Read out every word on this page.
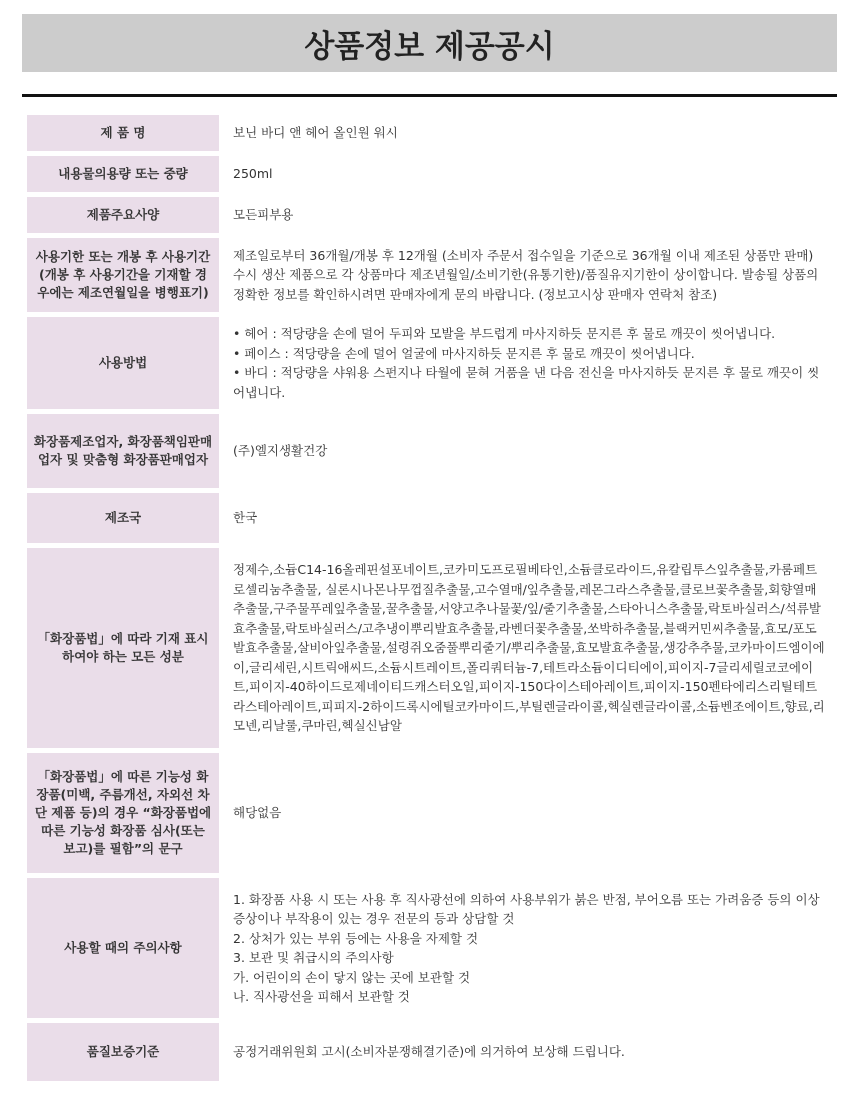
상품정보 제공공시
제 품 명		보닌 바디 앤 헤어 올인원 워시

내용물의용량 또는 중량		250ml

제품주요사양		모든피부용

사용기한 또는 개봉 후 사용기간 (개봉 후 사용기간을 기재할 경우에는 제조연월일을 병행표기)		제조일로부터 36개월/개봉 후 12개월 (소비자 주문서 접수일을 기준으로 36개월 이내 제조된 상품만 판매) 수시 생산 제품으로 각 상품마다 제조년월일/소비기한(유통기한)/품질유지기한이 상이합니다. 발송될 상품의 정확한 정보를 확인하시려면 판매자에게 문의 바랍니다. (정보고시상 판매자 연락처 참조)

사용방법		• 헤어 : 적당량을 손에 덜어 두피와 모발을 부드럽게 마사지하듯 문지른 후 물로 깨끗이 씻어냅니다.
• 페이스 : 적당량을 손에 덜어 얼굴에 마사지하듯 문지른 후 물로 깨끗이 씻어냅니다.
• 바디 : 적당량을 샤워용 스펀지나 타월에 묻혀 거품을 낸 다음 전신을 마사지하듯 문지른 후 물로 깨끗이 씻어냅니다.

화장품제조업자, 화장품책임판매업자 및 맞춤형 화장품판매업자		(주)엘지생활건강

제조국		한국

「화장품법」에 따라 기재 표시하여야 하는 모든 성분		정제수,소듐C14-16올레핀설포네이트,코카미도프로필베타인,소듐클로라이드,유칼립투스잎추출물,카룸페트로셀리눔추출물, 실론시나몬나무껍질추출물,고수열매/잎추출물,레몬그라스추출물,클로브꽃추출물,회향열매추출물,구주물푸레잎추출물,꿀추출물,서양고추나물꽃/잎/줄기추출물,스타아니스추출물,락토바실러스/석류발효추출물,락토바실러스/고추냉이뿌리발효추출물,라벤더꽃추출물,쏘박하추출물,블랙커민씨추출물,효모/포도발효추출물,살비아잎추출물,설령쥐오줌풀뿌리줄기/뿌리추출물,효모발효추출물,생강추추물,코카마이드엠이에이,글리세린,시트릭애씨드,소듐시트레이트,폴리쿼터늄-7,테트라소듐이디티에이,피이지-7글리세릴코코에이트,피이지-40하이드로제네이티드캐스터오일,피이지-150다이스테아레이트,피이지-150펜타에리스리틸테트라스테아레이트,피피지-2하이드록시에틸코카마이드,부틸렌글라이콜,헥실렌글라이콜,소듐벤조에이트,향료,리모넨,리날룰,쿠마린,헥실신남알

「화장품법」에 따른 기능성 화장품(미백, 주름개선, 자외선 차단 제품 등)의 경우 “화장품법에 따른 기능성 화장품 심사(또는 보고)를 필함”의 문구		해당없음

사용할 때의 주의사항		1. 화장품 사용 시 또는 사용 후 직사광선에 의하여 사용부위가 붉은 반점, 부어오름 또는 가려움증 등의 이상 증상이나 부작용이 있는 경우 전문의 등과 상담할 것
2. 상처가 있는 부위 등에는 사용을 자제할 것
3. 보관 및 취급시의 주의사항
가. 어린이의 손이 닿지 않는 곳에 보관할 것
나. 직사광선을 피해서 보관할 것

품질보증기준		공정거래위원회 고시(소비자분쟁해결기준)에 의거하여 보상해 드립니다.
